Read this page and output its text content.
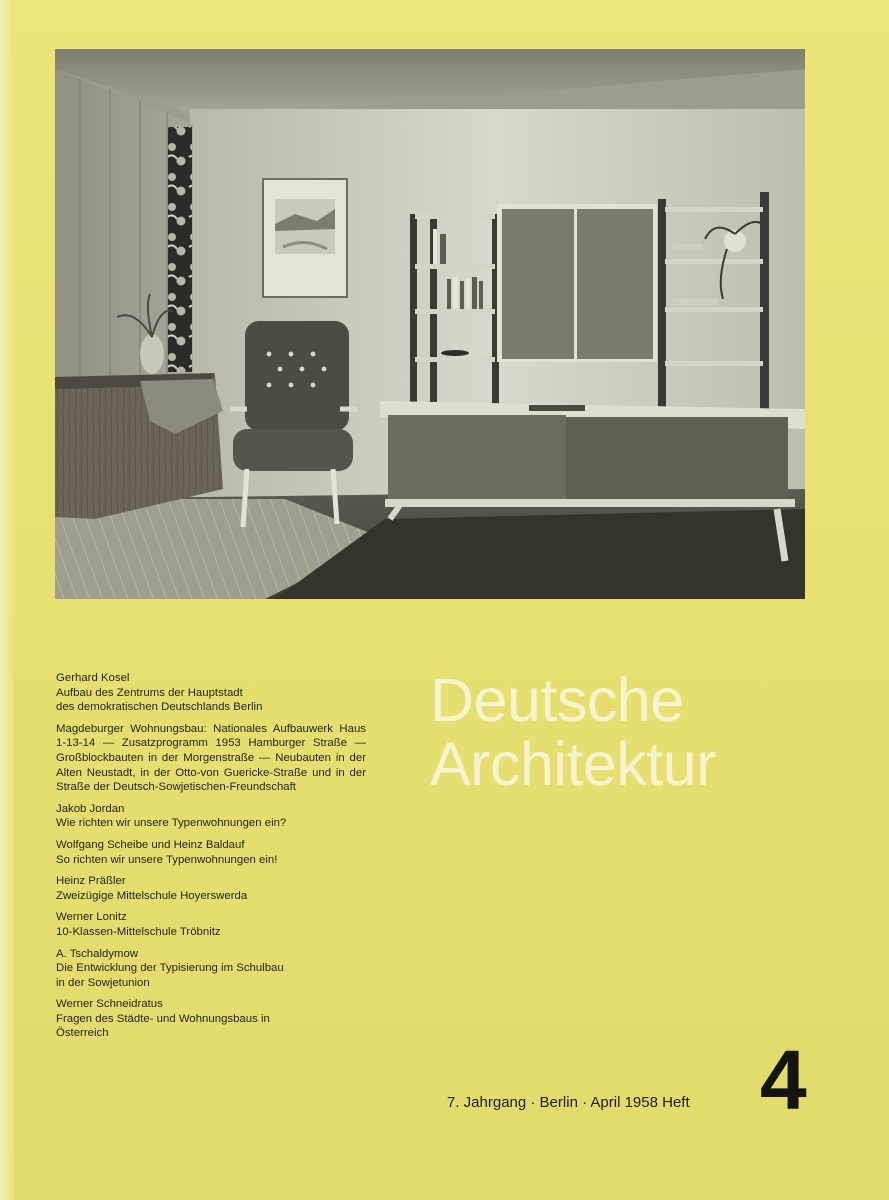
Gerhard Kosel
Aufbau des Zentrums der Hauptstadt
des demokratischen Deutschlands Berlin
Magdeburger Wohnungsbau: Nationales Aufbauwerk Haus 1-13-14 — Zusatzprogramm 1953 Hamburger Straße — Großblockbauten in der Morgenstraße — Neubauten in der Alten Neustadt, in der Otto-von Guericke-Straße und in der Straße der Deutsch-Sowjetischen-Freundschaft
Jakob Jordan
Wie richten wir unsere Typenwohnungen ein?
Wolfgang Scheibe und Heinz Baldauf
So richten wir unsere Typenwohnungen ein!
Heinz Präßler
Zweizügige Mittelschule Hoyerswerda
Werner Lonitz
10-Klassen-Mittelschule Tröbnitz
A. Tschaldymow
Die Entwicklung der Typisierung im Schulbau
in der Sowjetunion
Werner Schneidratus
Fragen des Städte- und Wohnungsbaus in
Österreich
Deutsche
Architektur
7. Jahrgang · Berlin · April 1958 Heft 4
